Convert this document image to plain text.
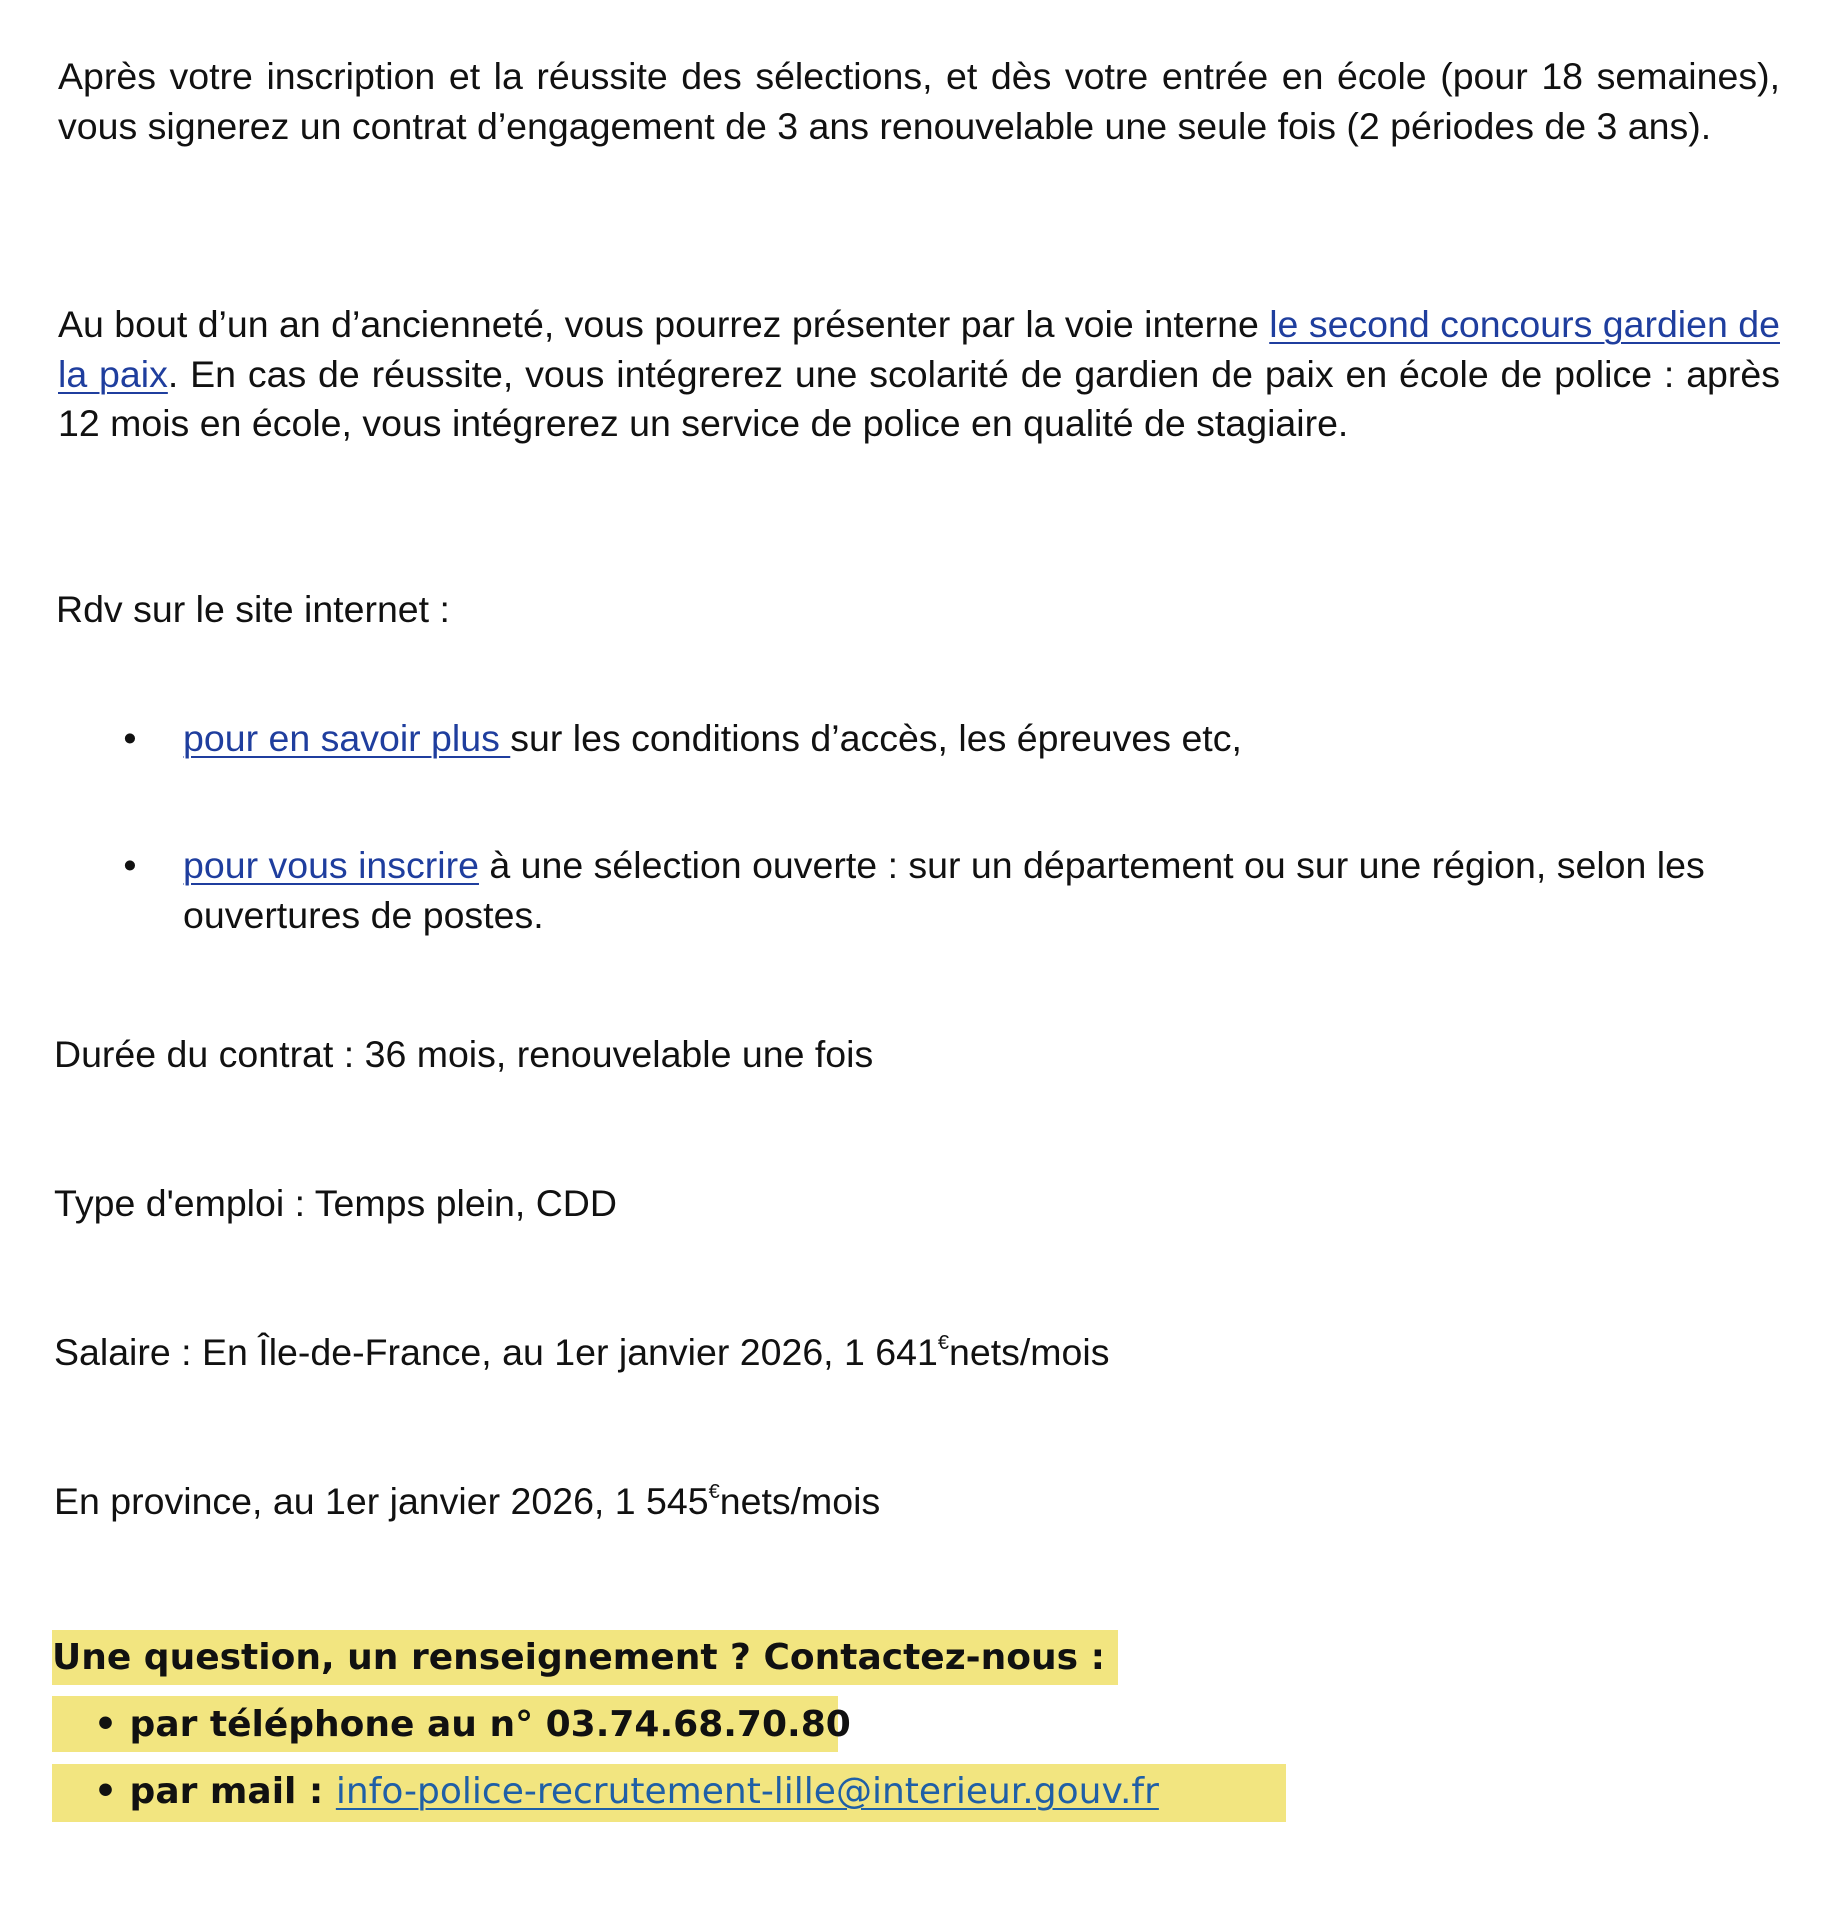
Après votre inscription et la réussite des sélections, et dès votre entrée en école (pour 18 semaines), vous signerez un contrat d’engagement de 3 ans renouvelable une seule fois (2 périodes de 3 ans).
Au bout d’un an d’ancienneté, vous pourrez présenter par la voie interne le second concours gardien de la paix. En cas de réussite, vous intégrerez une scolarité de gardien de paix en école de police : après 12 mois en école, vous intégrerez un service de police en qualité de stagiaire.
Rdv sur le site internet :
• pour en savoir plus sur les conditions d’accès, les épreuves etc,
• pour vous inscrire à une sélection ouverte : sur un département ou sur une région, selon les ouvertures de postes.
Durée du contrat : 36 mois, renouvelable une fois
Type d'emploi : Temps plein, CDD
Salaire : En Île-de-France, au 1er janvier 2026, 1 641€nets/mois
En province, au 1er janvier 2026, 1 545€nets/mois
Une question, un renseignement ? Contactez-nous :
• par téléphone au n° 03.74.68.70.80
• par mail : info-police-recrutement-lille@interieur.gouv.fr
